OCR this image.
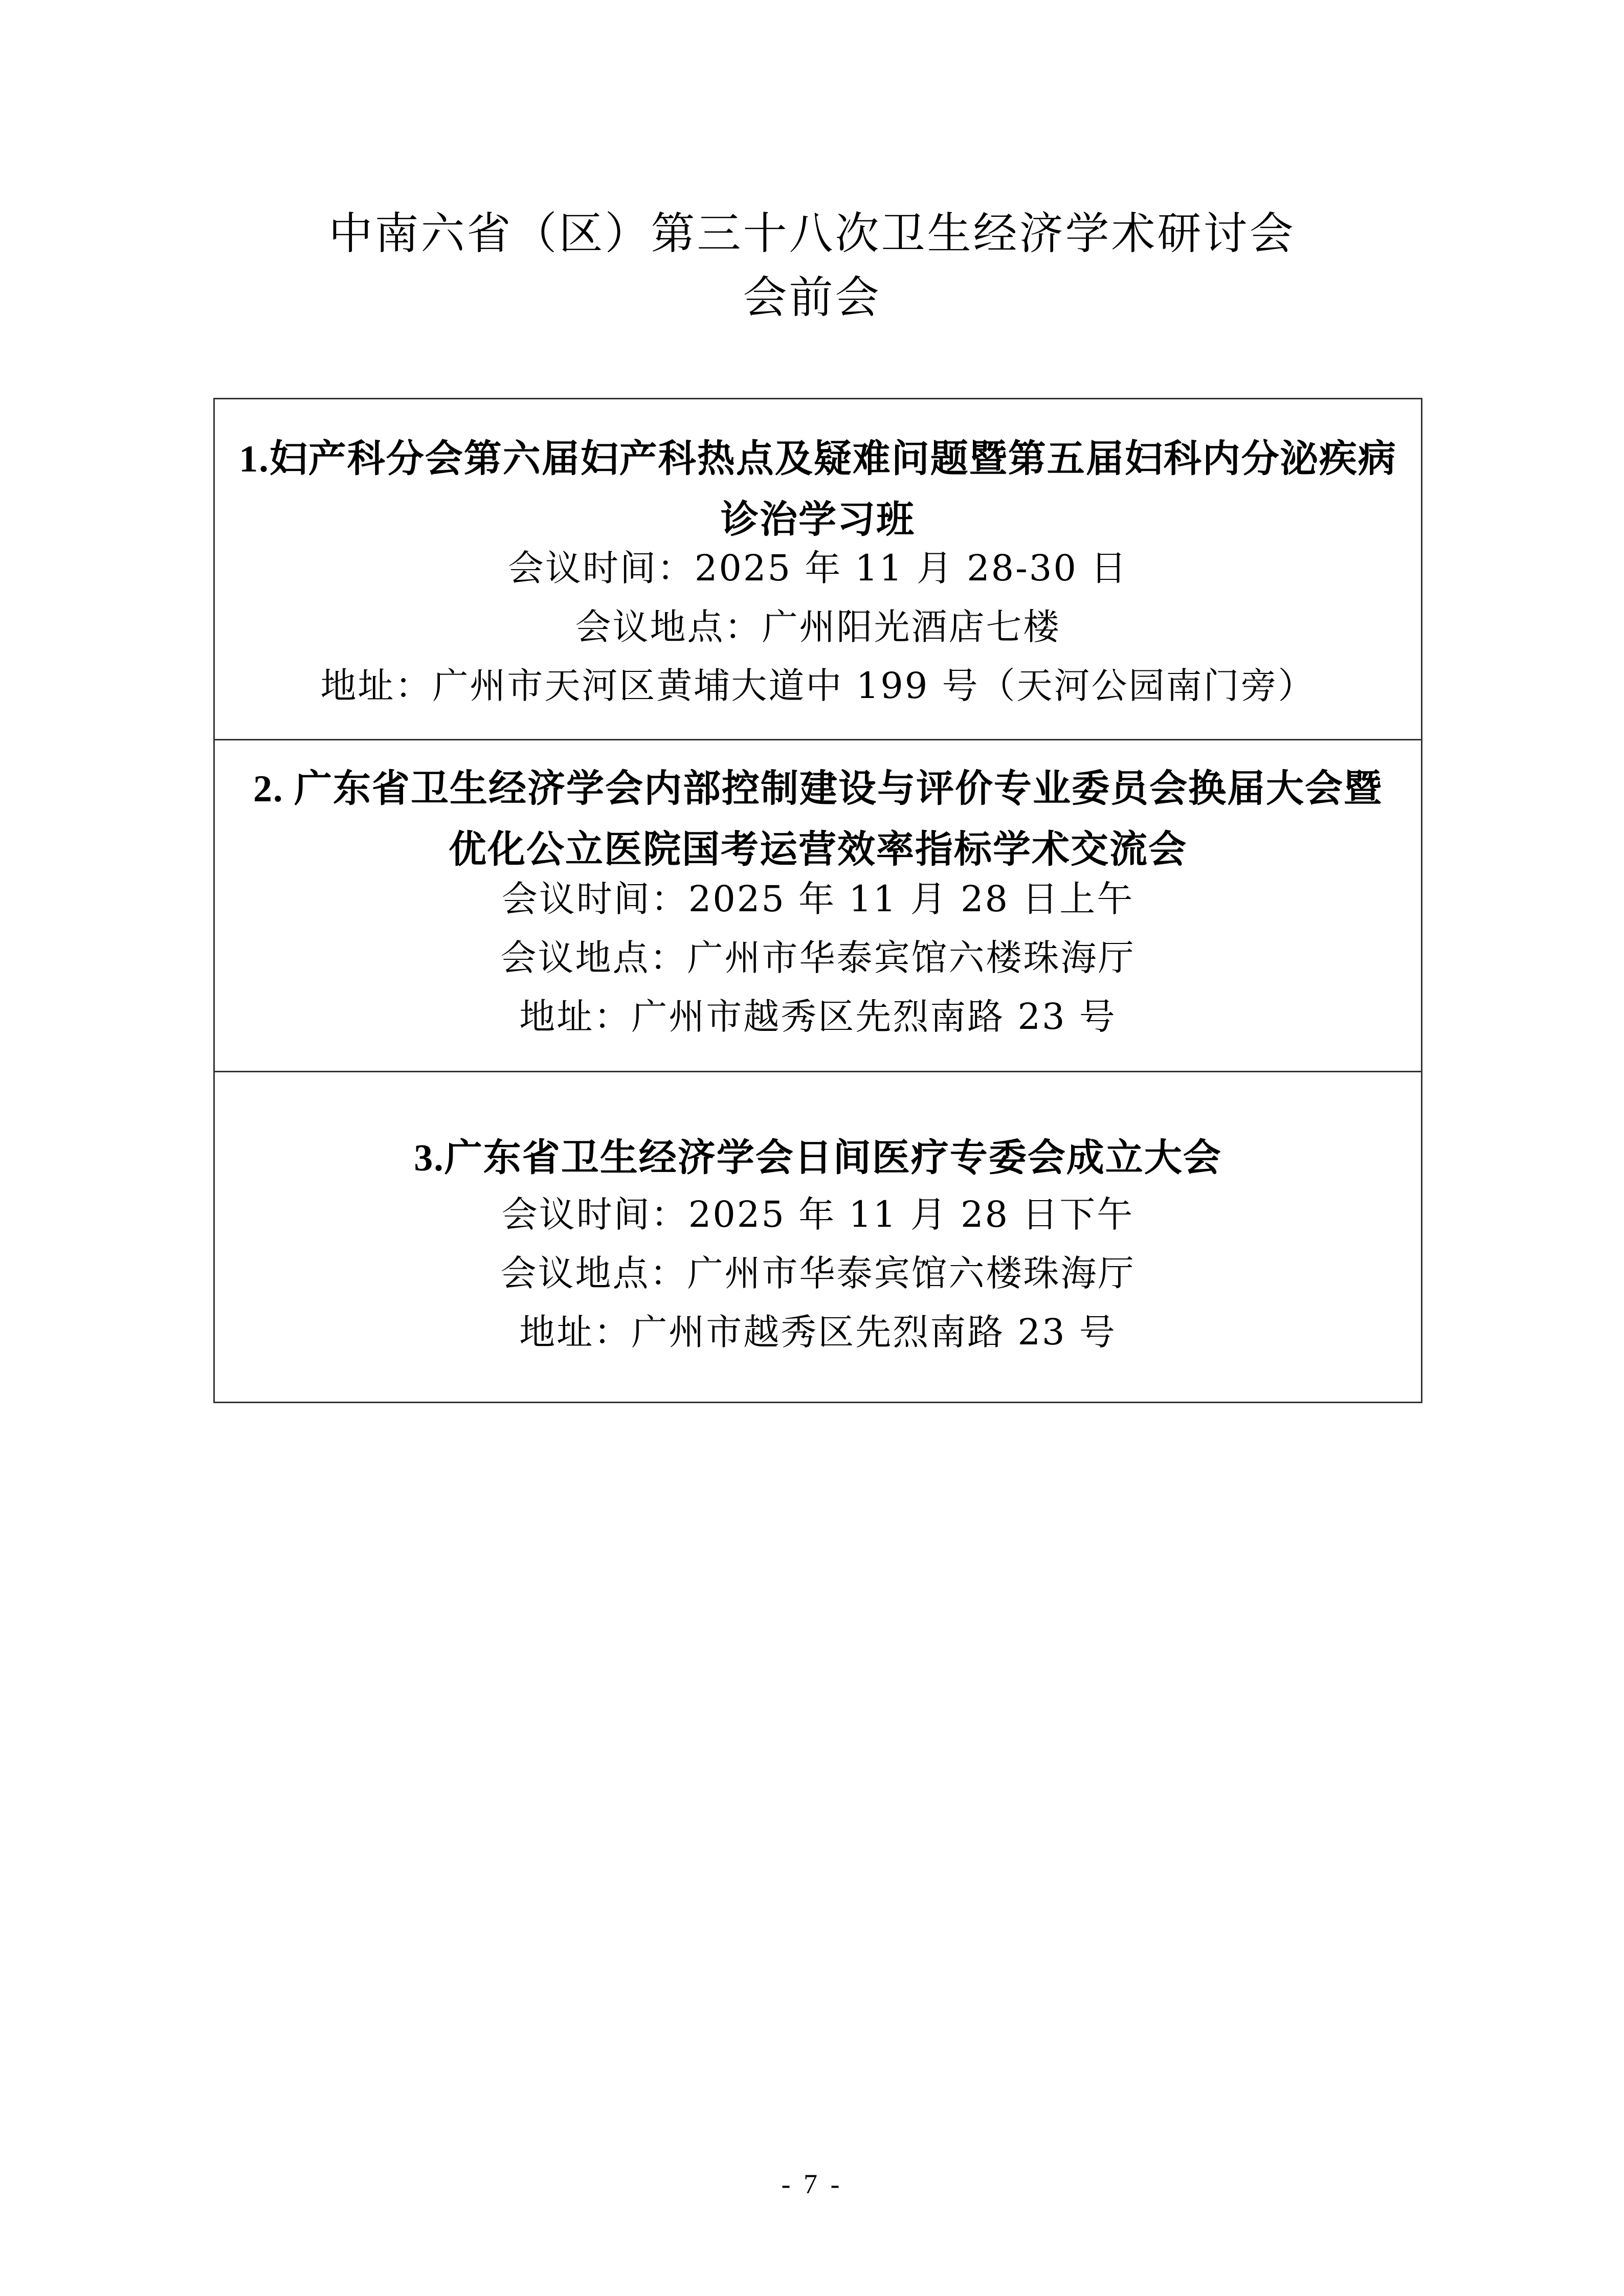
中南六省（区）第三十八次卫生经济学术研讨会
会前会
1.妇产科分会第六届妇产科热点及疑难问题暨第五届妇科内分泌疾病诊治学习班
会议时间：2025 年 11 月 28-30 日
会议地点：广州阳光酒店七楼
地址：广州市天河区黄埔大道中 199 号（天河公园南门旁）

2. 广东省卫生经济学会内部控制建设与评价专业委员会换届大会暨优化公立医院国考运营效率指标学术交流会
会议时间：2025 年 11 月 28 日上午
会议地点：广州市华泰宾馆六楼珠海厅
地址：广州市越秀区先烈南路 23 号

3.广东省卫生经济学会日间医疗专委会成立大会
会议时间：2025 年 11 月 28 日下午
会议地点：广州市华泰宾馆六楼珠海厅
地址：广州市越秀区先烈南路 23 号
- 7 -
